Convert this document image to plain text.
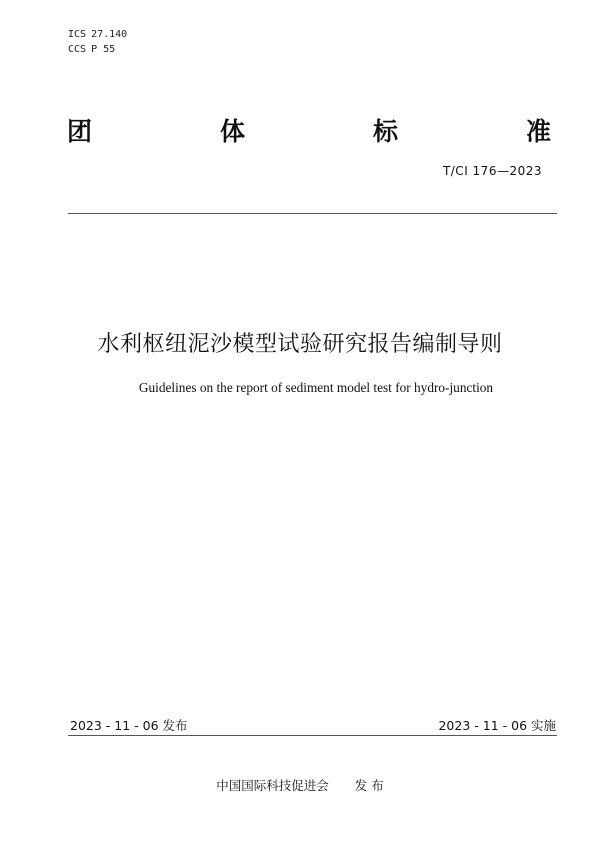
ICS 27.140
CCS P 55
团	体	标	准
T/CI 176—2023
水利枢纽泥沙模型试验研究报告编制导则
Guidelines on the report of sediment model test for hydro-junction
2023 - 11 - 06 发布	2023 - 11 - 06 实施
中国国际科技促进会 发 布
